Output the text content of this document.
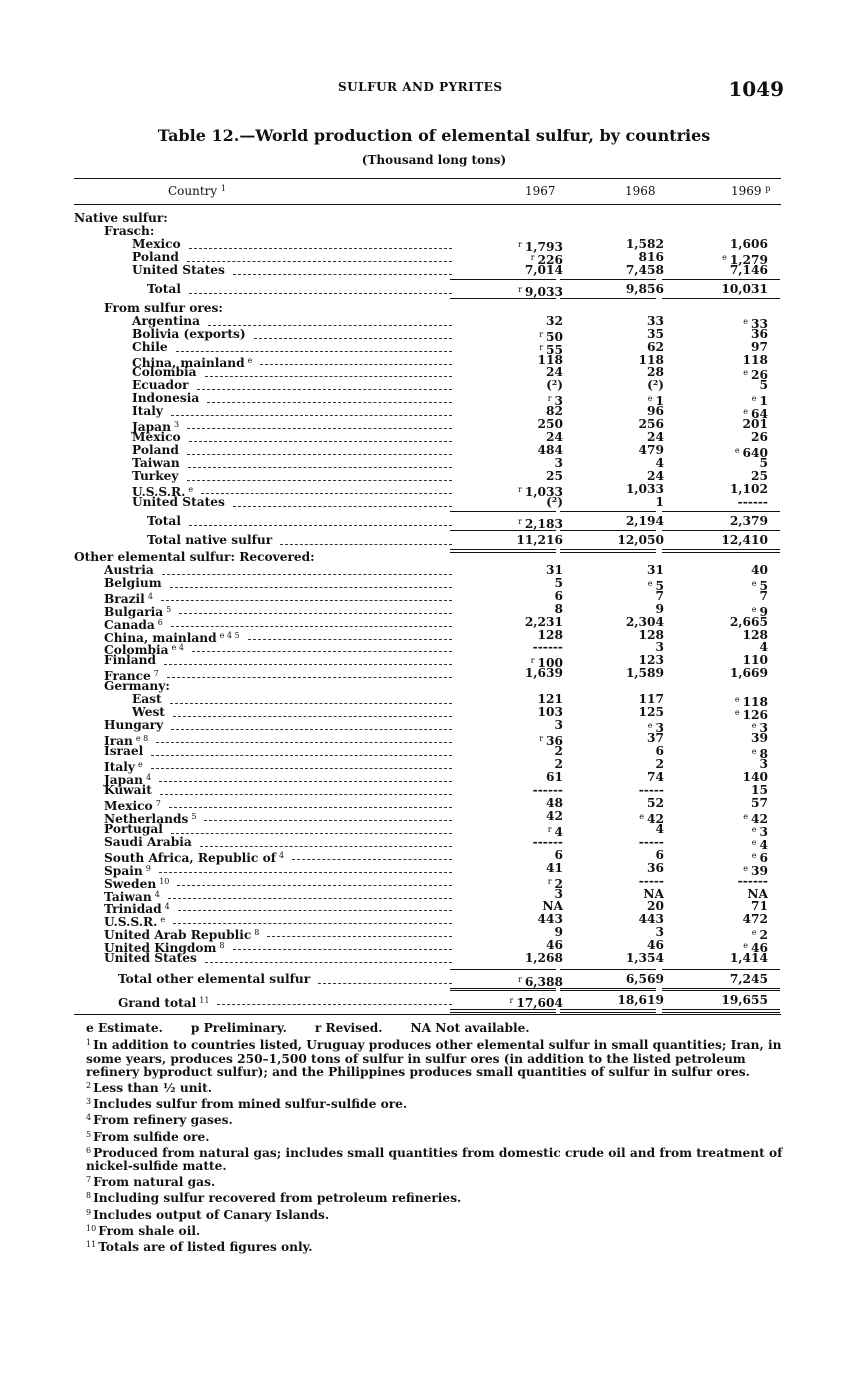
SULFUR AND PYRITES	1049
Table 12.—World production of elemental sulfur, by countries
(Thousand long tons)
Country $^1$	1967	1968	1969 $^p$
Native sulfur:
Frasch:
Mexico	$^r$ 1,793	1,582	1,606
Poland	$^r$ 226	816	$^e$ 1,279
United States	7,014	7,458	7,146
Total	$^r$ 9,033	9,856	10,031
From sulfur ores:
Argentina	32	33	$^e$ 33
Bolivia (exports)	$^r$ 50	35	36
Chile	$^r$ 55	62	97
China, mainland $^e$	118	118	118
Colombia	24	28	$^e$ 26
Ecuador	(²)	(²)	5
Indonesia	$^r$ 3	$^e$ 1	$^e$ 1
Italy	82	96	$^e$ 64
Japan $^3$	250	256	201
Mexico	24	24	26
Poland	484	479	$^e$ 640
Taiwan	3	4	5
Turkey	25	24	25
U.S.S.R. $^e$	$^r$ 1,033	1,033	1,102
United States	(²)	1	------
Total	$^r$ 2,183	2,194	2,379
Total native sulfur	11,216	12,050	12,410
Other elemental sulfur: Recovered:
Austria	31	31	40
Belgium	5	$^e$ 5	$^e$ 5
Brazil $^4$	6	7	7
Bulgaria $^5$	8	9	$^e$ 9
Canada $^6$	2,231	2,304	2,665
China, mainland $^{e 4 5}$	128	128	128
Colombia $^{e 4}$	------	3	4
Finland	$^r$ 100	123	110
France $^7$	1,639	1,589	1,669
Germany:
East	121	117	$^e$ 118
West	103	125	$^e$ 126
Hungary	3	$^e$ 3	$^e$ 3
Iran $^{e 8}$	$^r$ 36	37	39
Israel	2	6	$^e$ 8
Italy $^e$	2	2	3
Japan $^4$	61	74	140
Kuwait	------	-----	15
Mexico $^7$	48	52	57
Netherlands $^5$	42	$^e$ 42	$^e$ 42
Portugal	$^r$ 4	4	$^e$ 3
Saudi Arabia	------	-----	$^e$ 4
South Africa, Republic of $^4$	6	6	$^e$ 6
Spain $^9$	41	36	$^e$ 39
Sweden $^{10}$	$^r$ 2	-----	------
Taiwan $^4$	3	NA	NA
Trinidad $^4$	NA	20	71
U.S.S.R. $^e$	443	443	472
United Arab Republic $^8$	9	3	$^e$ 2
United Kingdom $^8$	46	46	$^e$ 46
United States	1,268	1,354	1,414
Total other elemental sulfur	$^r$ 6,388	6,569	7,245
Grand total $^{11}$	$^r$ 17,604	18,619	19,655
e Estimate. p Preliminary. r Revised. NA Not available.

$^1$ In addition to countries listed, Uruguay produces other elemental sulfur in small quantities; Iran, in some years, produces 250–1,500 tons of sulfur in sulfur ores (in addition to the listed petroleum refinery byproduct sulfur); and the Philippines produces small quantities of sulfur in sulfur ores.

$^2$ Less than ½ unit.

$^3$ Includes sulfur from mined sulfur-sulfide ore.

$^4$ From refinery gases.

$^5$ From sulfide ore.

$^6$ Produced from natural gas; includes small quantities from domestic crude oil and from treatment of nickel-sulfide matte.

$^7$ From natural gas.

$^8$ Including sulfur recovered from petroleum refineries.

$^9$ Includes output of Canary Islands.

$^{10}$ From shale oil.

$^{11}$ Totals are of listed figures only.
